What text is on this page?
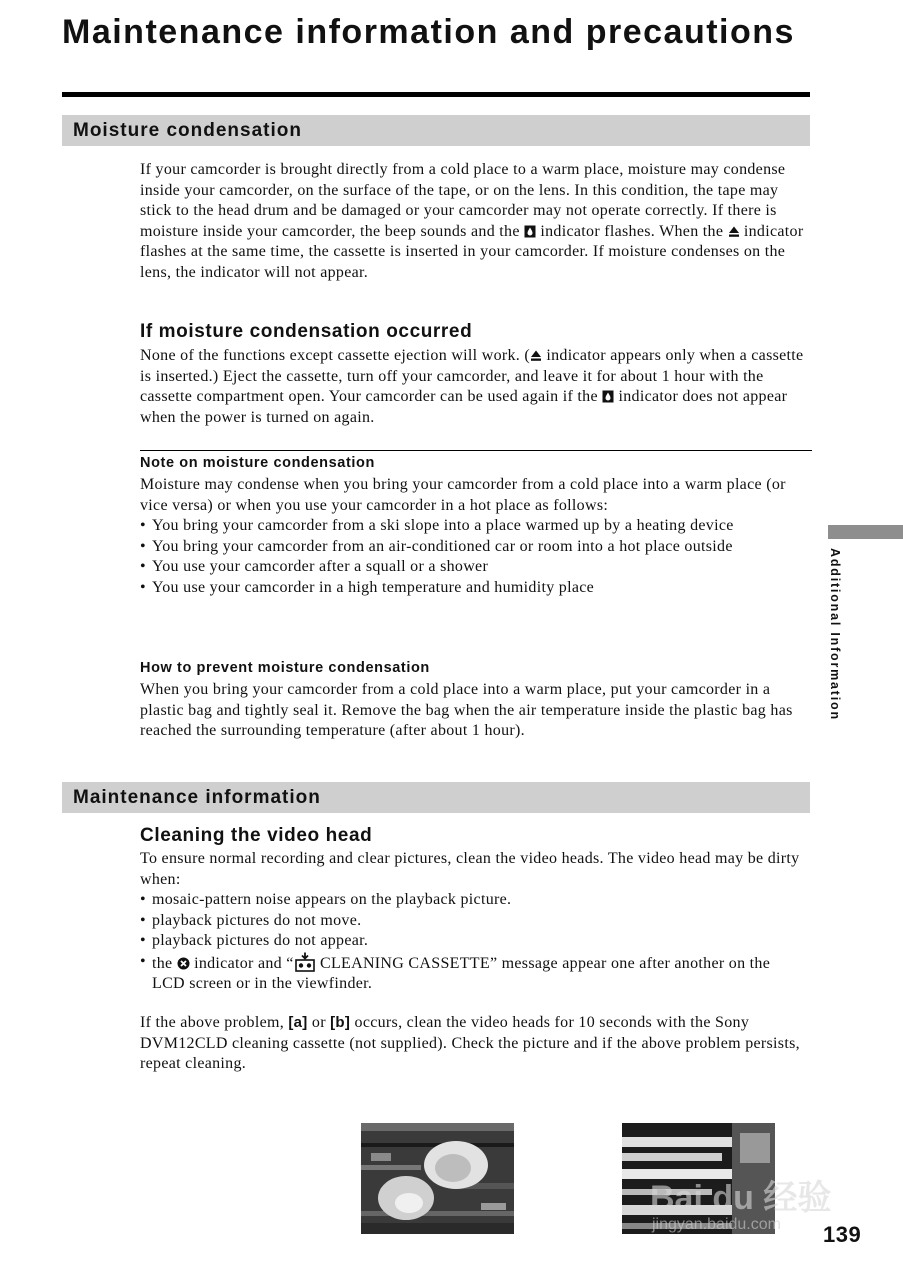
Maintenance information and precautions
Moisture condensation

If your camcorder is brought directly from a cold place to a warm place, moisture may condense inside your camcorder, on the surface of the tape, or on the lens. In this condition, the tape may stick to the head drum and be damaged or your camcorder may not operate correctly. If there is moisture inside your camcorder, the beep sounds and the indicator flashes. When the indicator flashes at the same time, the cassette is inserted in your camcorder. If moisture condenses on the lens, the indicator will not appear.

If moisture condensation occurred

None of the functions except cassette ejection will work. ( indicator appears only when a cassette is inserted.) Eject the cassette, turn off your camcorder, and leave it for about 1 hour with the cassette compartment open. Your camcorder can be used again if the indicator does not appear when the power is turned on again.

Note on moisture condensation

Moisture may condense when you bring your camcorder from a cold place into a warm place (or vice versa) or when you use your camcorder in a hot place as follows:

• You bring your camcorder from a ski slope into a place warmed up by a heating device
• You bring your camcorder from an air-conditioned car or room into a hot place outside
• You use your camcorder after a squall or a shower
• You use your camcorder in a high temperature and humidity place
How to prevent moisture condensation

When you bring your camcorder from a cold place into a warm place, put your camcorder in a plastic bag and tightly seal it. Remove the bag when the air temperature inside the plastic bag has reached the surrounding temperature (after about 1 hour).

Maintenance information
Cleaning the video head

To ensure normal recording and clear pictures, clean the video heads. The video head may be dirty when:

• mosaic-pattern noise appears on the playback picture.
• playback pictures do not move.
• playback pictures do not appear.
• the indicator and “ CLEANING CASSETTE” message appear one after another on the LCD screen or in the viewfinder.

If the above problem, [a] or [b] occurs, clean the video heads for 10 seconds with the Sony DVM12CLD cleaning cassette (not supplied). Check the picture and if the above problem persists, repeat cleaning.

Additional Information
Bai du 经验
jingyan.baidu.com 139
